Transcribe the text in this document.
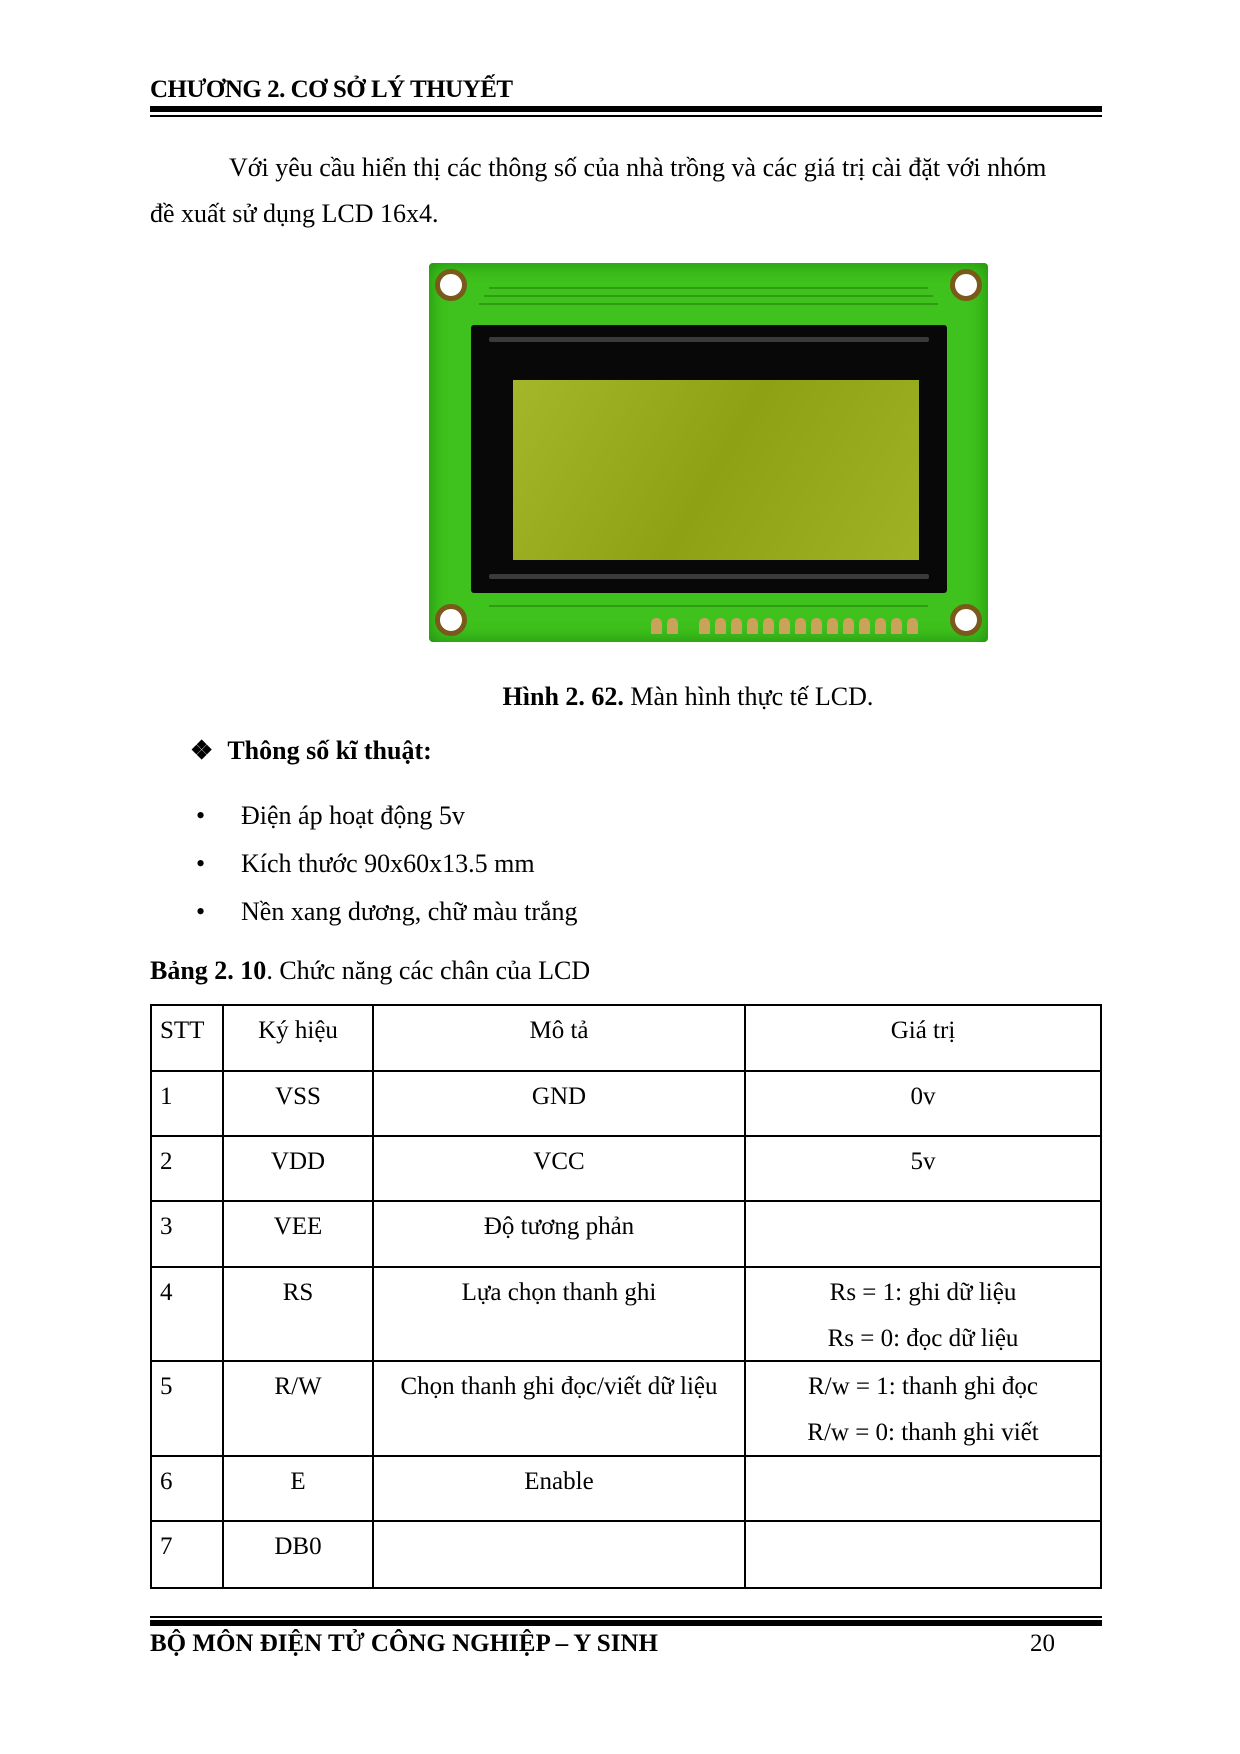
CHƯƠNG 2. CƠ SỞ LÝ THUYẾT
Với yêu cầu hiển thị các thông số của nhà trồng và các giá trị cài đặt với nhóm
đề xuất sử dụng LCD 16x4.
Hình 2. 62. Màn hình thực tế LCD.
❖ Thông số kĩ thuật:
• Điện áp hoạt động 5v
• Kích thước 90x60x13.5 mm
• Nền xang dương, chữ màu trắng
Bảng 2. 10. Chức năng các chân của LCD
STT	Ký hiệu	Mô tả	Giá trị
1	VSS	GND	0v
2	VDD	VCC	5v
3	VEE	Độ tương phản	
4	RS	Lựa chọn thanh ghi	Rs = 1: ghi dữ liệu
Rs = 0: đọc dữ liệu

5	R/W	Chọn thanh ghi đọc/viết dữ liệu	R/w = 1: thanh ghi đọc
R/w = 0: thanh ghi viết

6	E	Enable	
7	DB0		
BỘ MÔN ĐIỆN TỬ CÔNG NGHIỆP – Y SINH	20
